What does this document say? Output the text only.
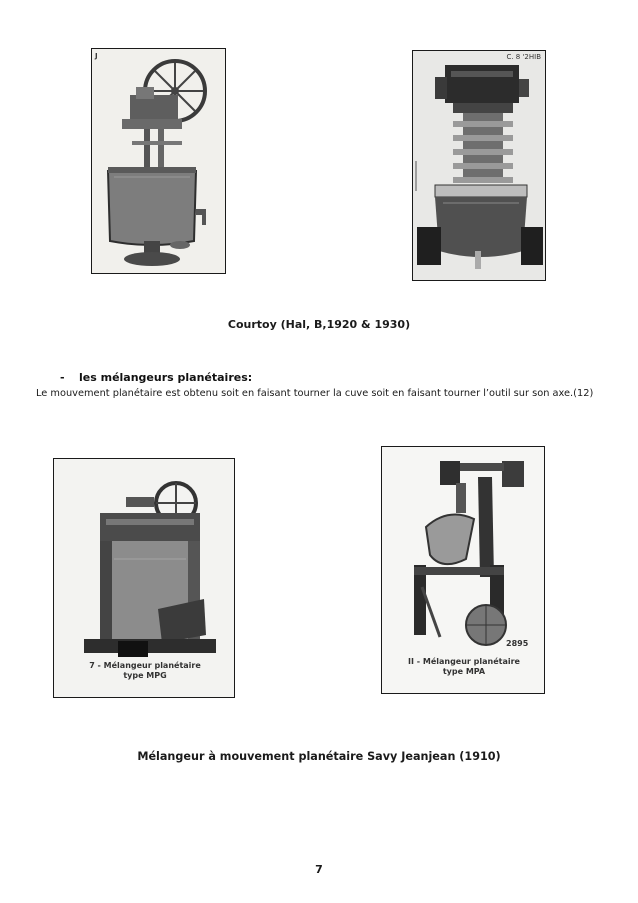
J	C. 8 '2HIB
Courtoy (Hal, B,1920 & 1930)
- les mélangeurs planétaires:

Le mouvement planétaire est obtenu soit en faisant tourner la cuve soit en faisant tourner l’outil sur son axe.(12)

7 - Mélangeur planétaire
type MPG
2895
II - Mélangeur planétaire
type MPA
Mélangeur à mouvement planétaire Savy Jeanjean (1910)
7
